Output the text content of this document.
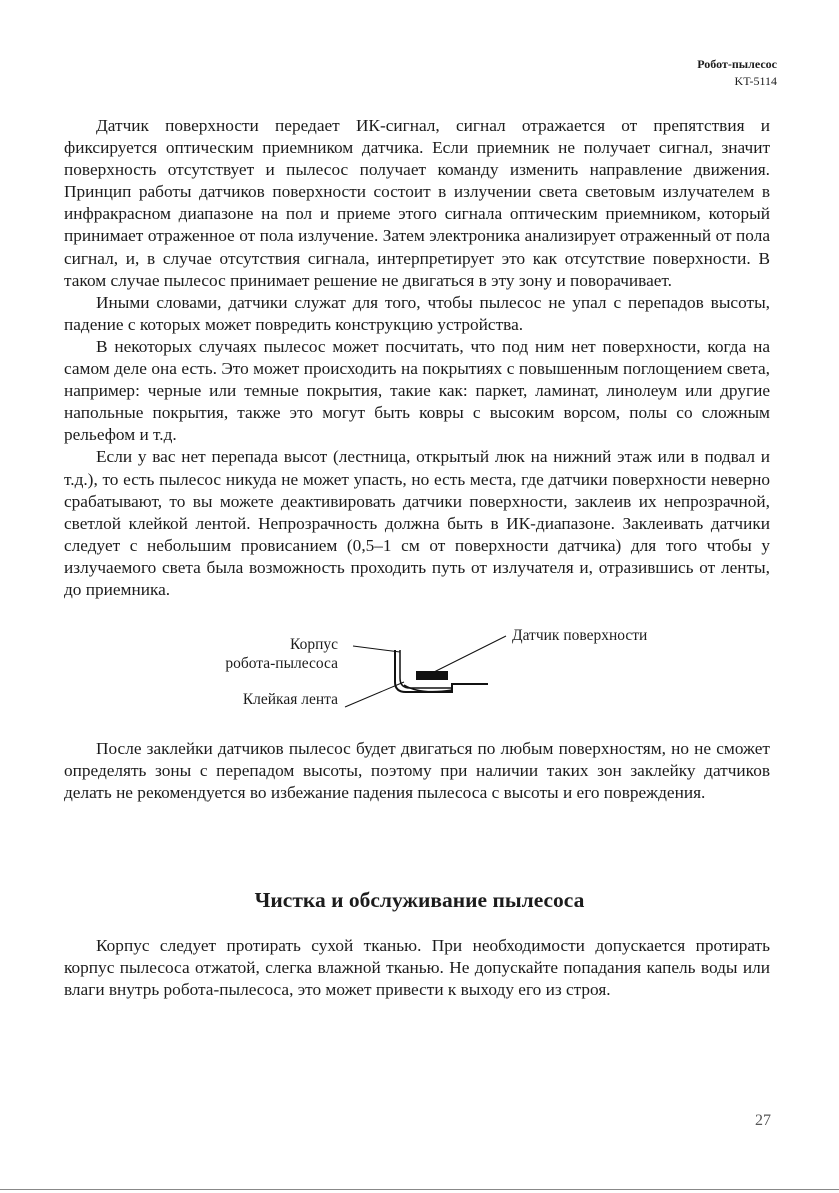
Робот-пылесос
KT-5114

Датчик поверхности передает ИК-сигнал, сигнал отражается от препятствия и фиксируется оптическим приемником датчика. Если приемник не получает сигнал, значит поверхность отсутствует и пылесос получает команду изменить направление движения. Принцип работы датчиков поверхности состоит в излучении света световым излучателем в инфракрасном диапазоне на пол и приеме этого сигнала оптическим приемником, который принимает отраженное от пола излучение. Затем электроника анализирует отраженный от пола сигнал, и, в случае отсутствия сигнала, интерпретирует это как отсутствие поверхности. В таком случае пылесос принимает решение не двигаться в эту зону и поворачивает.

Иными словами, датчики служат для того, чтобы пылесос не упал с перепадов высоты, падение с которых может повредить конструкцию устройства.

В некоторых случаях пылесос может посчитать, что под ним нет поверхности, когда на самом деле она есть. Это может происходить на покрытиях с повышенным поглощением света, например: черные или темные покрытия, такие как: паркет, ламинат, линолеум или другие напольные покрытия, также это могут быть ковры с высоким ворсом, полы со сложным рельефом и т.д.

Если у вас нет перепада высот (лестница, открытый люк на нижний этаж или в подвал и т.д.), то есть пылесос никуда не может упасть, но есть места, где датчики поверхности неверно срабатывают, то вы можете деактивировать датчики поверхности, заклеив их непрозрачной, светлой клейкой лентой. Непрозрачность должна быть в ИК-диапазоне. Заклеивать датчики следует с небольшим провисанием (0,5–1 см от поверхности датчика) для того чтобы у излучаемого света была возможность проходить путь от излучателя и, отразившись от ленты, до приемника.

Корпус
робота-пылесоса
Клейкая лента
Датчик поверхности

После заклейки датчиков пылесос будет двигаться по любым поверхностям, но не сможет определять зоны с перепадом высоты, поэтому при наличии таких зон заклейку датчиков делать не рекомендуется во избежание падения пылесоса с высоты и его повреждения.

Чистка и обслуживание пылесоса

Корпус следует протирать сухой тканью. При необходимости допускается протирать корпус пылесоса отжатой, слегка влажной тканью. Не допускайте попадания капель воды или влаги внутрь робота-пылесоса, это может привести к выходу его из строя.

27
